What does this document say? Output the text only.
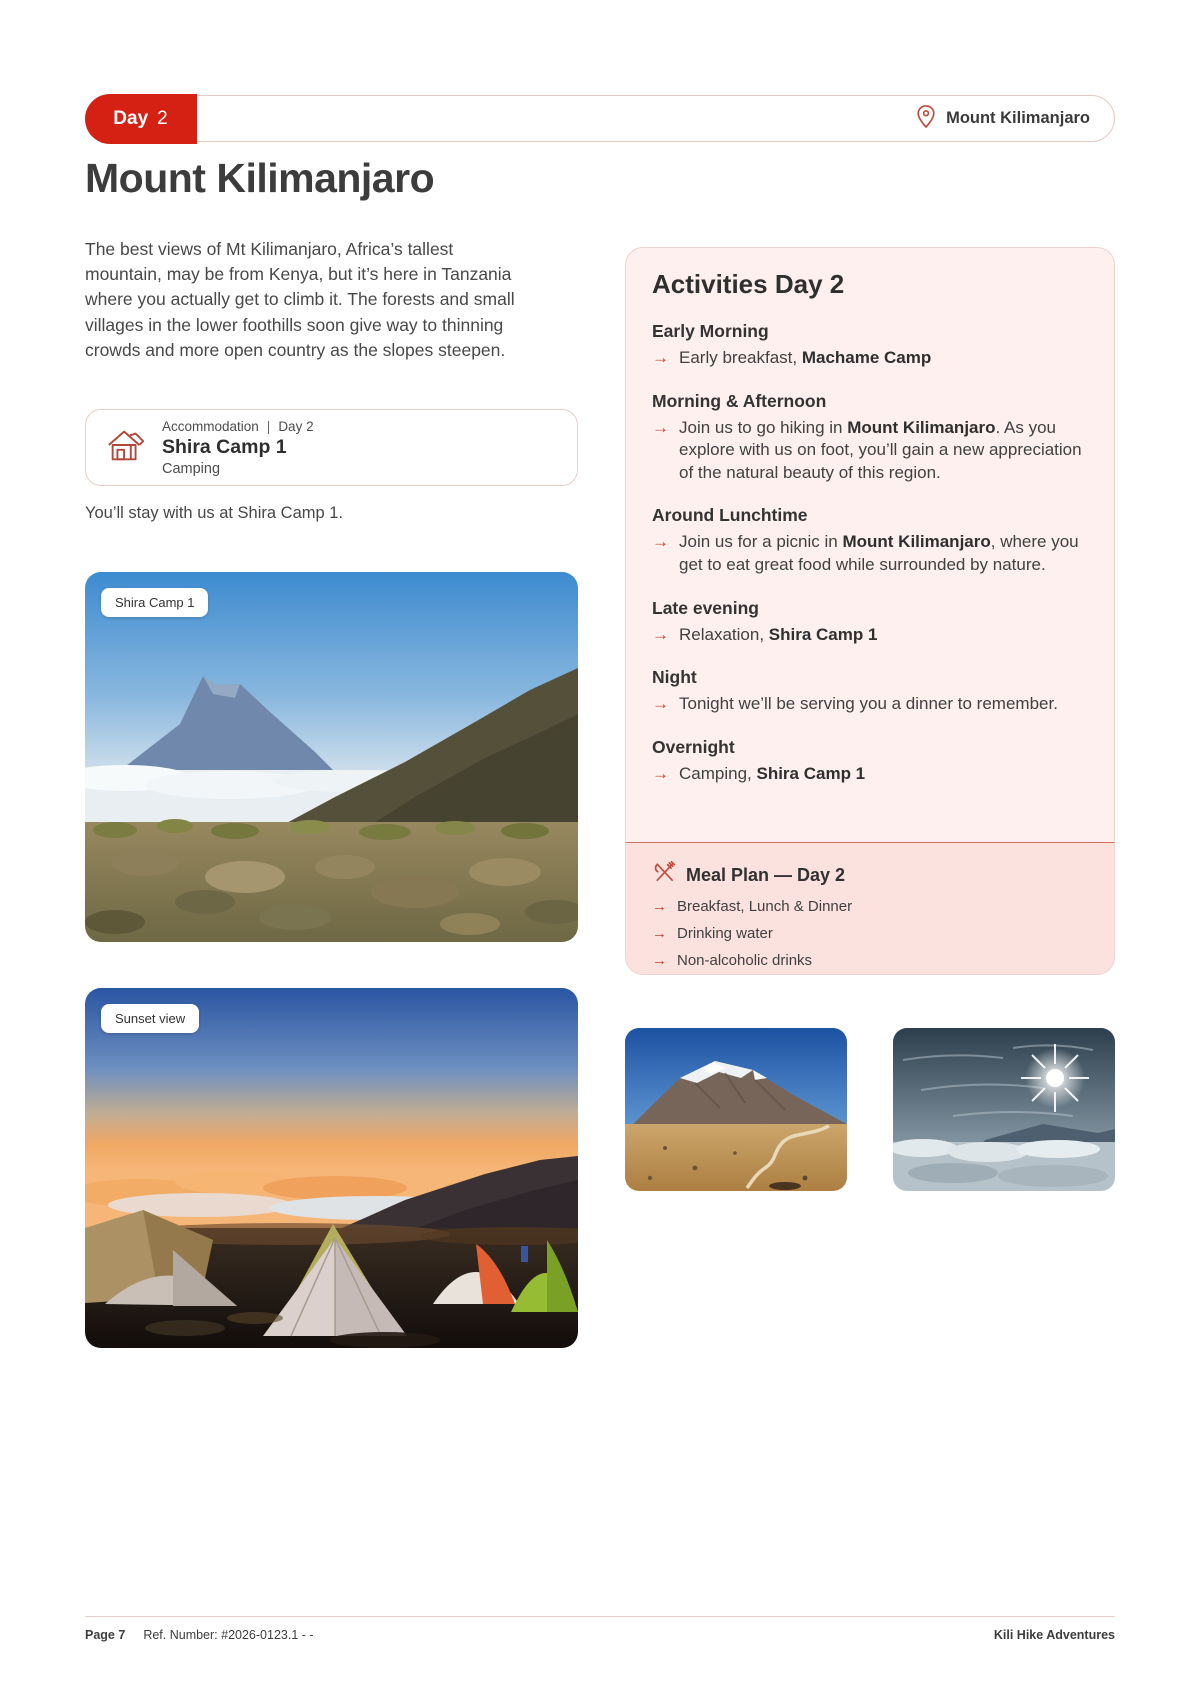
Day 2	Mount Kilimanjaro
Mount Kilimanjaro

The best views of Mt Kilimanjaro, Africa’s tallest mountain, may be from Kenya, but it’s here in Tanzania where you actually get to climb it. The forests and small villages in the lower foothills soon give way to thinning crowds and more open country as the slopes steepen.

Accommodation | Day 2
Shira Camp 1
Camping

You’ll stay with us at Shira Camp 1.

Shira Camp 1
Sunset view
Activities Day 2
Early Morning
→ Early breakfast, Machame Camp
Morning & Afternoon
→ Join us to go hiking in Mount Kilimanjaro. As you explore with us on foot, you’ll gain a new appreciation of the natural beauty of this region.
Around Lunchtime
→ Join us for a picnic in Mount Kilimanjaro, where you get to eat great food while surrounded by nature.
Late evening
→ Relaxation, Shira Camp 1
Night
→ Tonight we’ll be serving you a dinner to remember.
Overnight
→ Camping, Shira Camp 1
Meal Plan — Day 2
→ Breakfast, Lunch & Dinner
→ Drinking water
→ Non-alcoholic drinks
Page 7 Ref. Number: #2026-0123.1 - -	Kili Hike Adventures
